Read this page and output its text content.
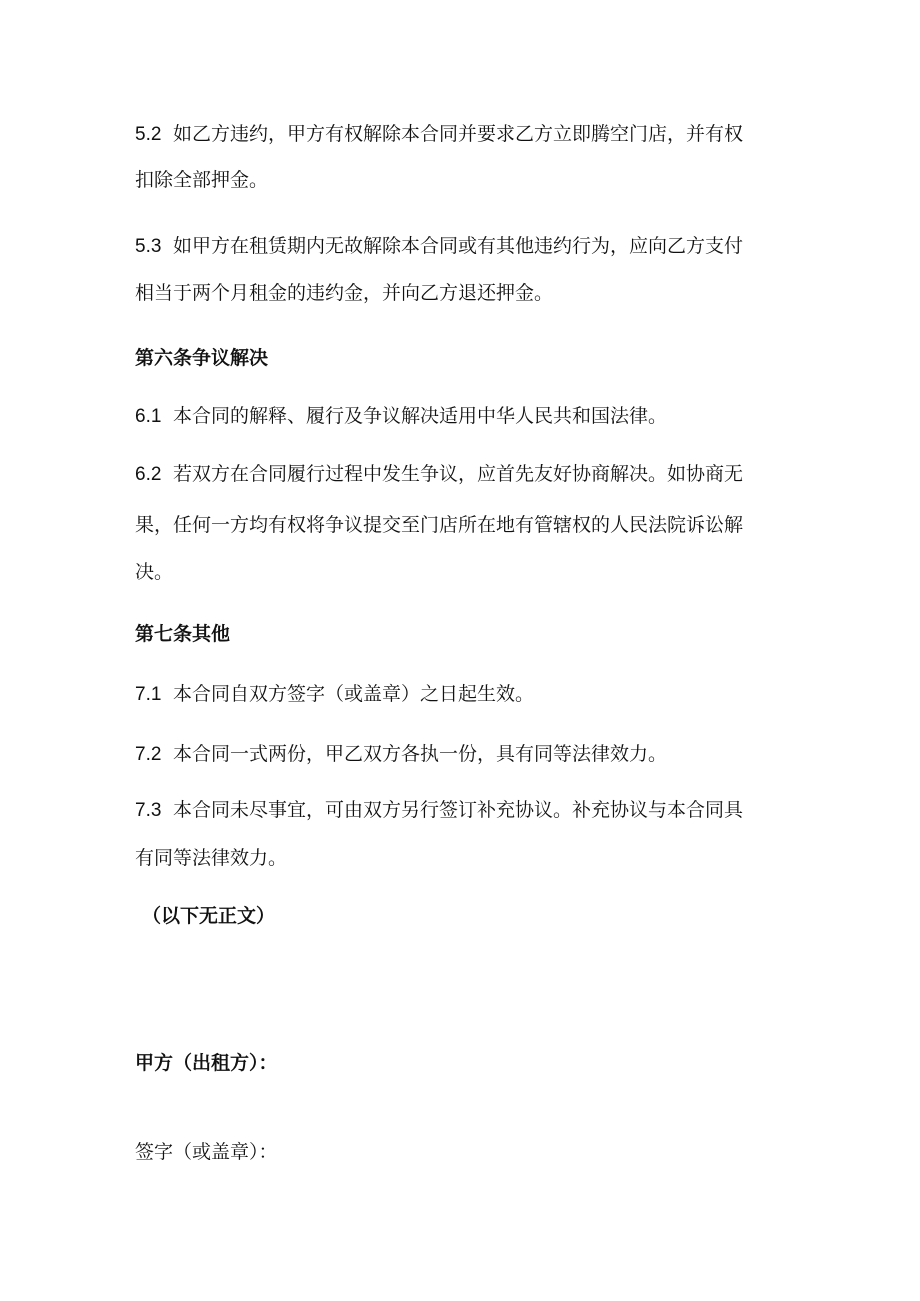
5.2 如乙方违约，甲方有权解除本合同并要求乙方立即腾空门店，并有权
扣除全部押金。
5.3 如甲方在租赁期内无故解除本合同或有其他违约行为，应向乙方支付
相当于两个月租金的违约金，并向乙方退还押金。
第六条争议解决
6.1 本合同的解释、履行及争议解决适用中华人民共和国法律。
6.2 若双方在合同履行过程中发生争议，应首先友好协商解决。如协商无
果，任何一方均有权将争议提交至门店所在地有管辖权的人民法院诉讼解
决。
第七条其他
7.1 本合同自双方签字（或盖章）之日起生效。
7.2 本合同一式两份，甲乙双方各执一份，具有同等法律效力。
7.3 本合同未尽事宜，可由双方另行签订补充协议。补充协议与本合同具
有同等法律效力。
（以下无正文）
甲方（出租方）：
签字（或盖章）：
